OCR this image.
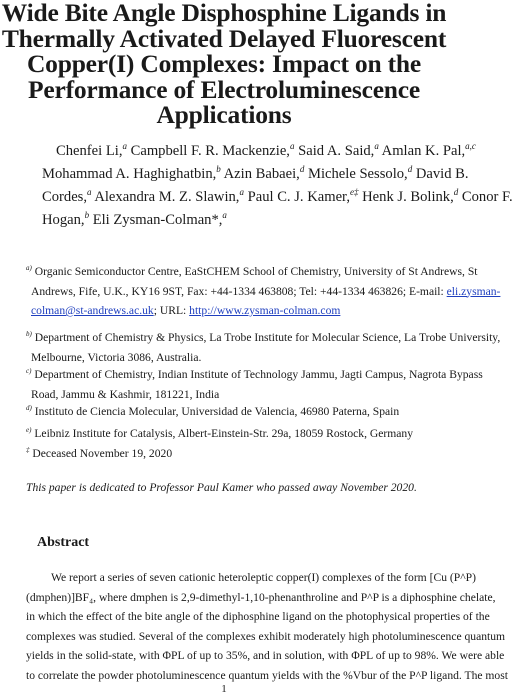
Wide Bite Angle Disphosphine Ligands in
Thermally Activated Delayed Fluorescent
Copper(I) Complexes: Impact on the
Performance of Electroluminescence
Applications
Chenfei Li,$^a$ Campbell F. R. Mackenzie,$^a$ Said A. Said,$^a$ Amlan K. Pal,$^{a,c}$
Mohammad A. Haghighatbin,$^b$ Azin Babaei,$^d$ Michele Sessolo,$^d$ David B.
Cordes,$^a$ Alexandra M. Z. Slawin,$^a$ Paul C. J. Kamer,$^{e\ddagger}$ Henk J. Bolink,$^d$ Conor F.
Hogan,$^b$ Eli Zysman-Colman*,$^a$
$^{a)}$ Organic Semiconductor Centre, EaStCHEM School of Chemistry, University of St Andrews, St
Andrews, Fife, U.K., KY16 9ST, Fax: +44-1334 463808; Tel: +44-1334 463826; E-mail: eli.zysman-
colman@st-andrews.ac.uk; URL: http://www.zysman-colman.com
$^{b)}$ Department of Chemistry & Physics, La Trobe Institute for Molecular Science, La Trobe University,
Melbourne, Victoria 3086, Australia.
$^{c)}$ Department of Chemistry, Indian Institute of Technology Jammu, Jagti Campus, Nagrota Bypass
Road, Jammu & Kashmir, 181221, India
$^{d)}$ Instituto de Ciencia Molecular, Universidad de Valencia, 46980 Paterna, Spain
$^{e)}$ Leibniz Institute for Catalysis, Albert-Einstein-Str. 29a, 18059 Rostock, Germany
‡ Deceased November 19, 2020
This paper is dedicated to Professor Paul Kamer who passed away November 2020.
Abstract
We report a series of seven cationic heteroleptic copper(I) complexes of the form [Cu (P^P)
(dmphen)]BF₄, where dmphen is 2,9-dimethyl-1,10-phenanthroline and P^P is a diphosphine chelate,
in which the effect of the bite angle of the diphosphine ligand on the photophysical properties of the
complexes was studied. Several of the complexes exhibit moderately high photoluminescence quantum
yields in the solid-state, with ΦPL of up to 35%, and in solution, with ΦPL of up to 98%. We were able
to correlate the powder photoluminescence quantum yields with the %Vbur of the P^P ligand. The most
1
